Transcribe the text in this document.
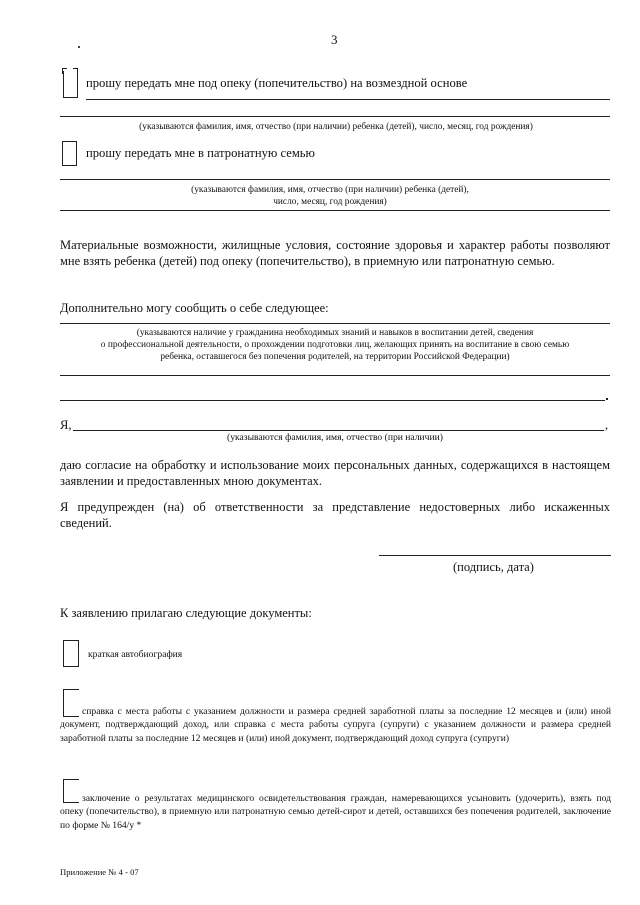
3
прошу передать мне под опеку (попечительство) на возмездной основе
(указываются фамилия, имя, отчество (при наличии) ребенка (детей), число, месяц, год рождения)
прошу передать мне в патронатную семью
(указываются фамилия, имя, отчество (при наличии) ребенка (детей),
число, месяц, год рождения)
Материальные возможности, жилищные условия, состояние здоровья и характер работы позволяют мне взять ребенка (детей) под опеку (попечительство), в приемную или патронатную семью.
Дополнительно могу сообщить о себе следующее:
(указываются наличие у гражданина необходимых знаний и навыков в воспитании детей, сведения
о профессиональной деятельности, о прохождении подготовки лиц, желающих принять на воспитание в свою семью
ребенка, оставшегося без попечения родителей, на территории Российской Федерации)
Я,	,
(указываются фамилия, имя, отчество (при наличии)
даю согласие на обработку и использование моих персональных данных, содержащихся в настоящем заявлении и предоставленных мною документах.
Я предупрежден (на) об ответственности за представление недостоверных либо искаженных сведений.
(подпись, дата)
К заявлению прилагаю следующие документы:
краткая автобиография
справка с места работы с указанием должности и размера средней заработной платы за последние 12 месяцев и (или) иной документ, подтверждающий доход, или справка с места работы супруга (супруги) с указанием должности и размера средней заработной платы за последние 12 месяцев и (или) иной документ, подтверждающий доход супруга (супруги)
заключение о результатах медицинского освидетельствования граждан, намеревающихся усыновить (удочерить), взять под опеку (попечительство), в приемную или патронатную семью детей-сирот и детей, оставшихся без попечения родителей, заключение по форме № 164/у *
Приложение № 4 - 07
